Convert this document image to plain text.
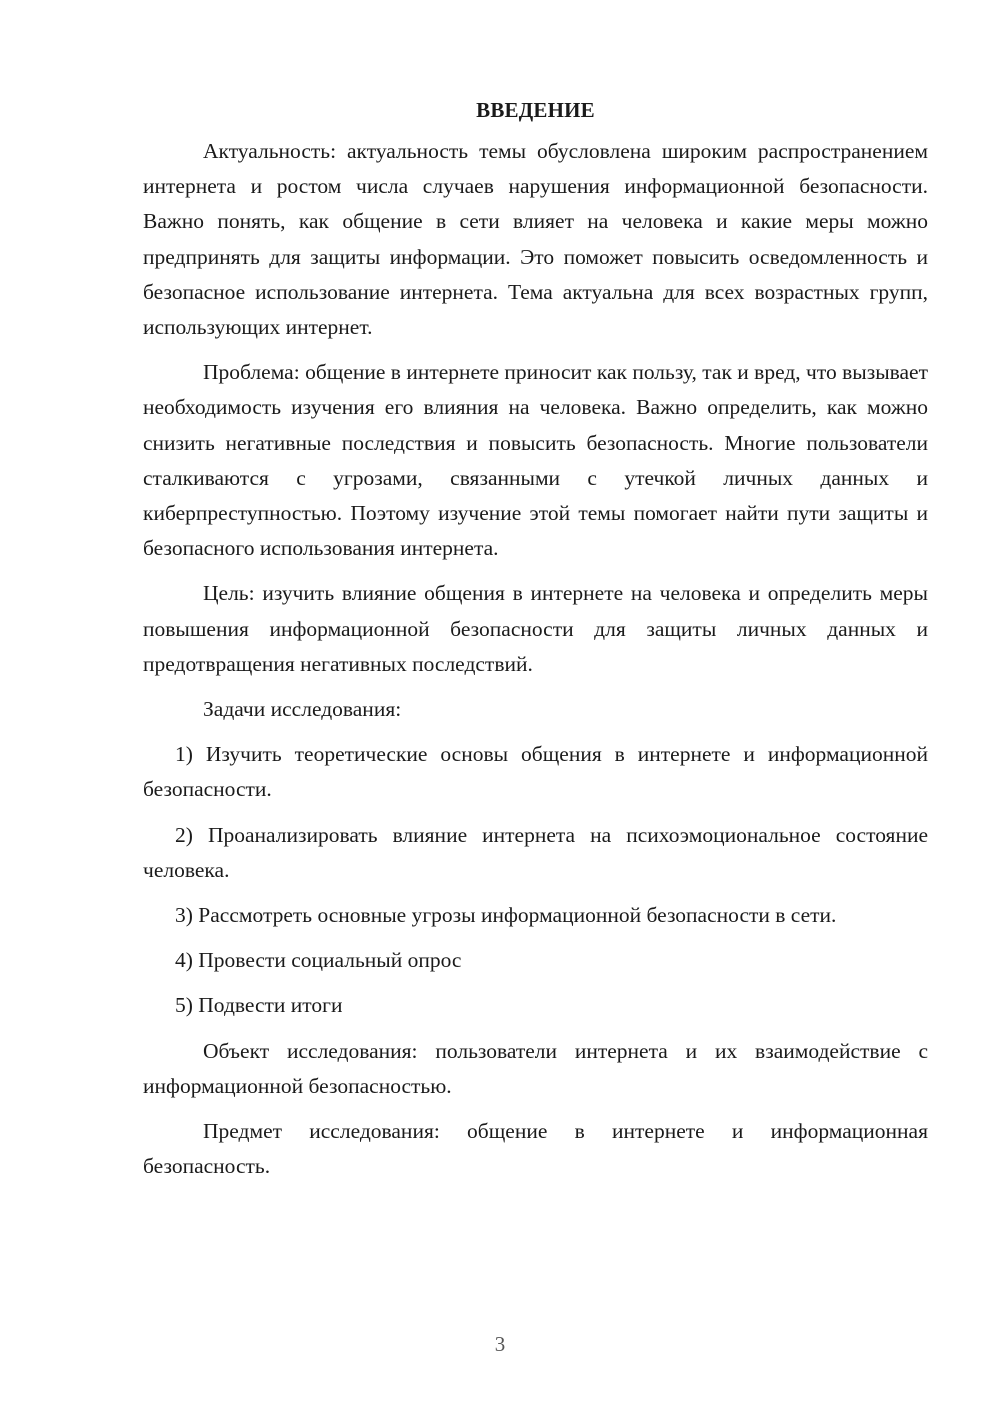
ВВЕДЕНИЕ

Актуальность: актуальность темы обусловлена широким распространением интернета и ростом числа случаев нарушения информационной безопасности. Важно понять, как общение в сети влияет на человека и какие меры можно предпринять для защиты информации. Это поможет повысить осведомленность и безопасное использование интернета. Тема актуальна для всех возрастных групп, использующих интернет.

Проблема: общение в интернете приносит как пользу, так и вред, что вызывает необходимость изучения его влияния на человека. Важно определить, как можно снизить негативные последствия и повысить безопасность. Многие пользователи сталкиваются с угрозами, связанными с утечкой личных данных и киберпреступностью. Поэтому изучение этой темы помогает найти пути защиты и безопасного использования интернета.

Цель: изучить влияние общения в интернете на человека и определить меры повышения информационной безопасности для защиты личных данных и предотвращения негативных последствий.

Задачи исследования:

1) Изучить теоретические основы общения в интернете и информационной безопасности.

2) Проанализировать влияние интернета на психоэмоциональное состояние человека.

3) Рассмотреть основные угрозы информационной безопасности в сети.

4) Провести социальный опрос

5) Подвести итоги

Объект исследования: пользователи интернета и их взаимодействие с информационной безопасностью.

Предмет исследования: общение в интернете и информационная безопасность.

3
